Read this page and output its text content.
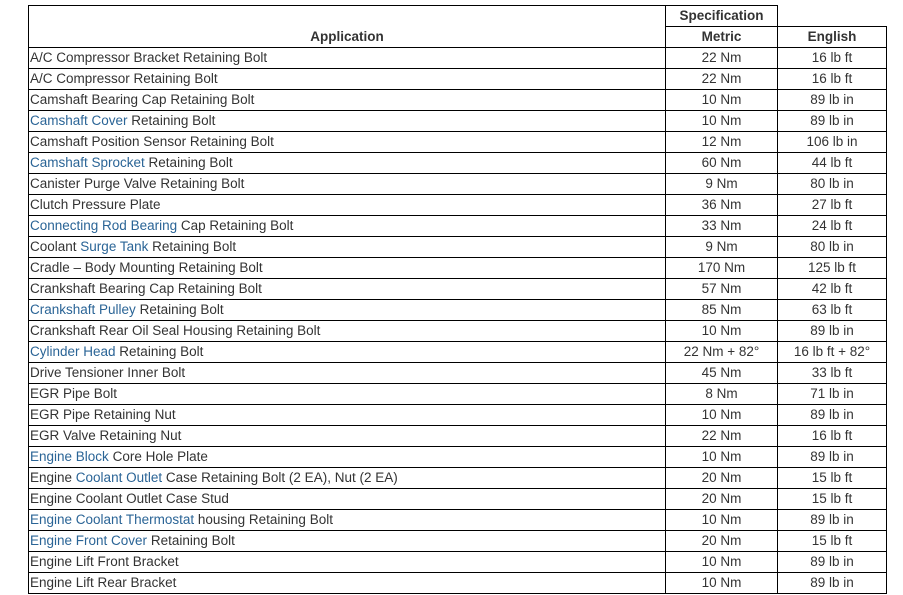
Application	Specification	
	Metric	English
A/C Compressor Bracket Retaining Bolt	22 Nm	16 lb ft
A/C Compressor Retaining Bolt	22 Nm	16 lb ft
Camshaft Bearing Cap Retaining Bolt	10 Nm	89 lb in
Camshaft Cover Retaining Bolt	10 Nm	89 lb in
Camshaft Position Sensor Retaining Bolt	12 Nm	106 lb in
Camshaft Sprocket Retaining Bolt	60 Nm	44 lb ft
Canister Purge Valve Retaining Bolt	9 Nm	80 lb in
Clutch Pressure Plate	36 Nm	27 lb ft
Connecting Rod Bearing Cap Retaining Bolt	33 Nm	24 lb ft
Coolant Surge Tank Retaining Bolt	9 Nm	80 lb in
Cradle – Body Mounting Retaining Bolt	170 Nm	125 lb ft
Crankshaft Bearing Cap Retaining Bolt	57 Nm	42 lb ft
Crankshaft Pulley Retaining Bolt	85 Nm	63 lb ft
Crankshaft Rear Oil Seal Housing Retaining Bolt	10 Nm	89 lb in
Cylinder Head Retaining Bolt	22 Nm + 82°	16 lb ft + 82°
Drive Tensioner Inner Bolt	45 Nm	33 lb ft
EGR Pipe Bolt	8 Nm	71 lb in
EGR Pipe Retaining Nut	10 Nm	89 lb in
EGR Valve Retaining Nut	22 Nm	16 lb ft
Engine Block Core Hole Plate	10 Nm	89 lb in
Engine Coolant Outlet Case Retaining Bolt (2 EA), Nut (2 EA)	20 Nm	15 lb ft
Engine Coolant Outlet Case Stud	20 Nm	15 lb ft
Engine Coolant Thermostat housing Retaining Bolt	10 Nm	89 lb in
Engine Front Cover Retaining Bolt	20 Nm	15 lb ft
Engine Lift Front Bracket	10 Nm	89 lb in
Engine Lift Rear Bracket	10 Nm	89 lb in
